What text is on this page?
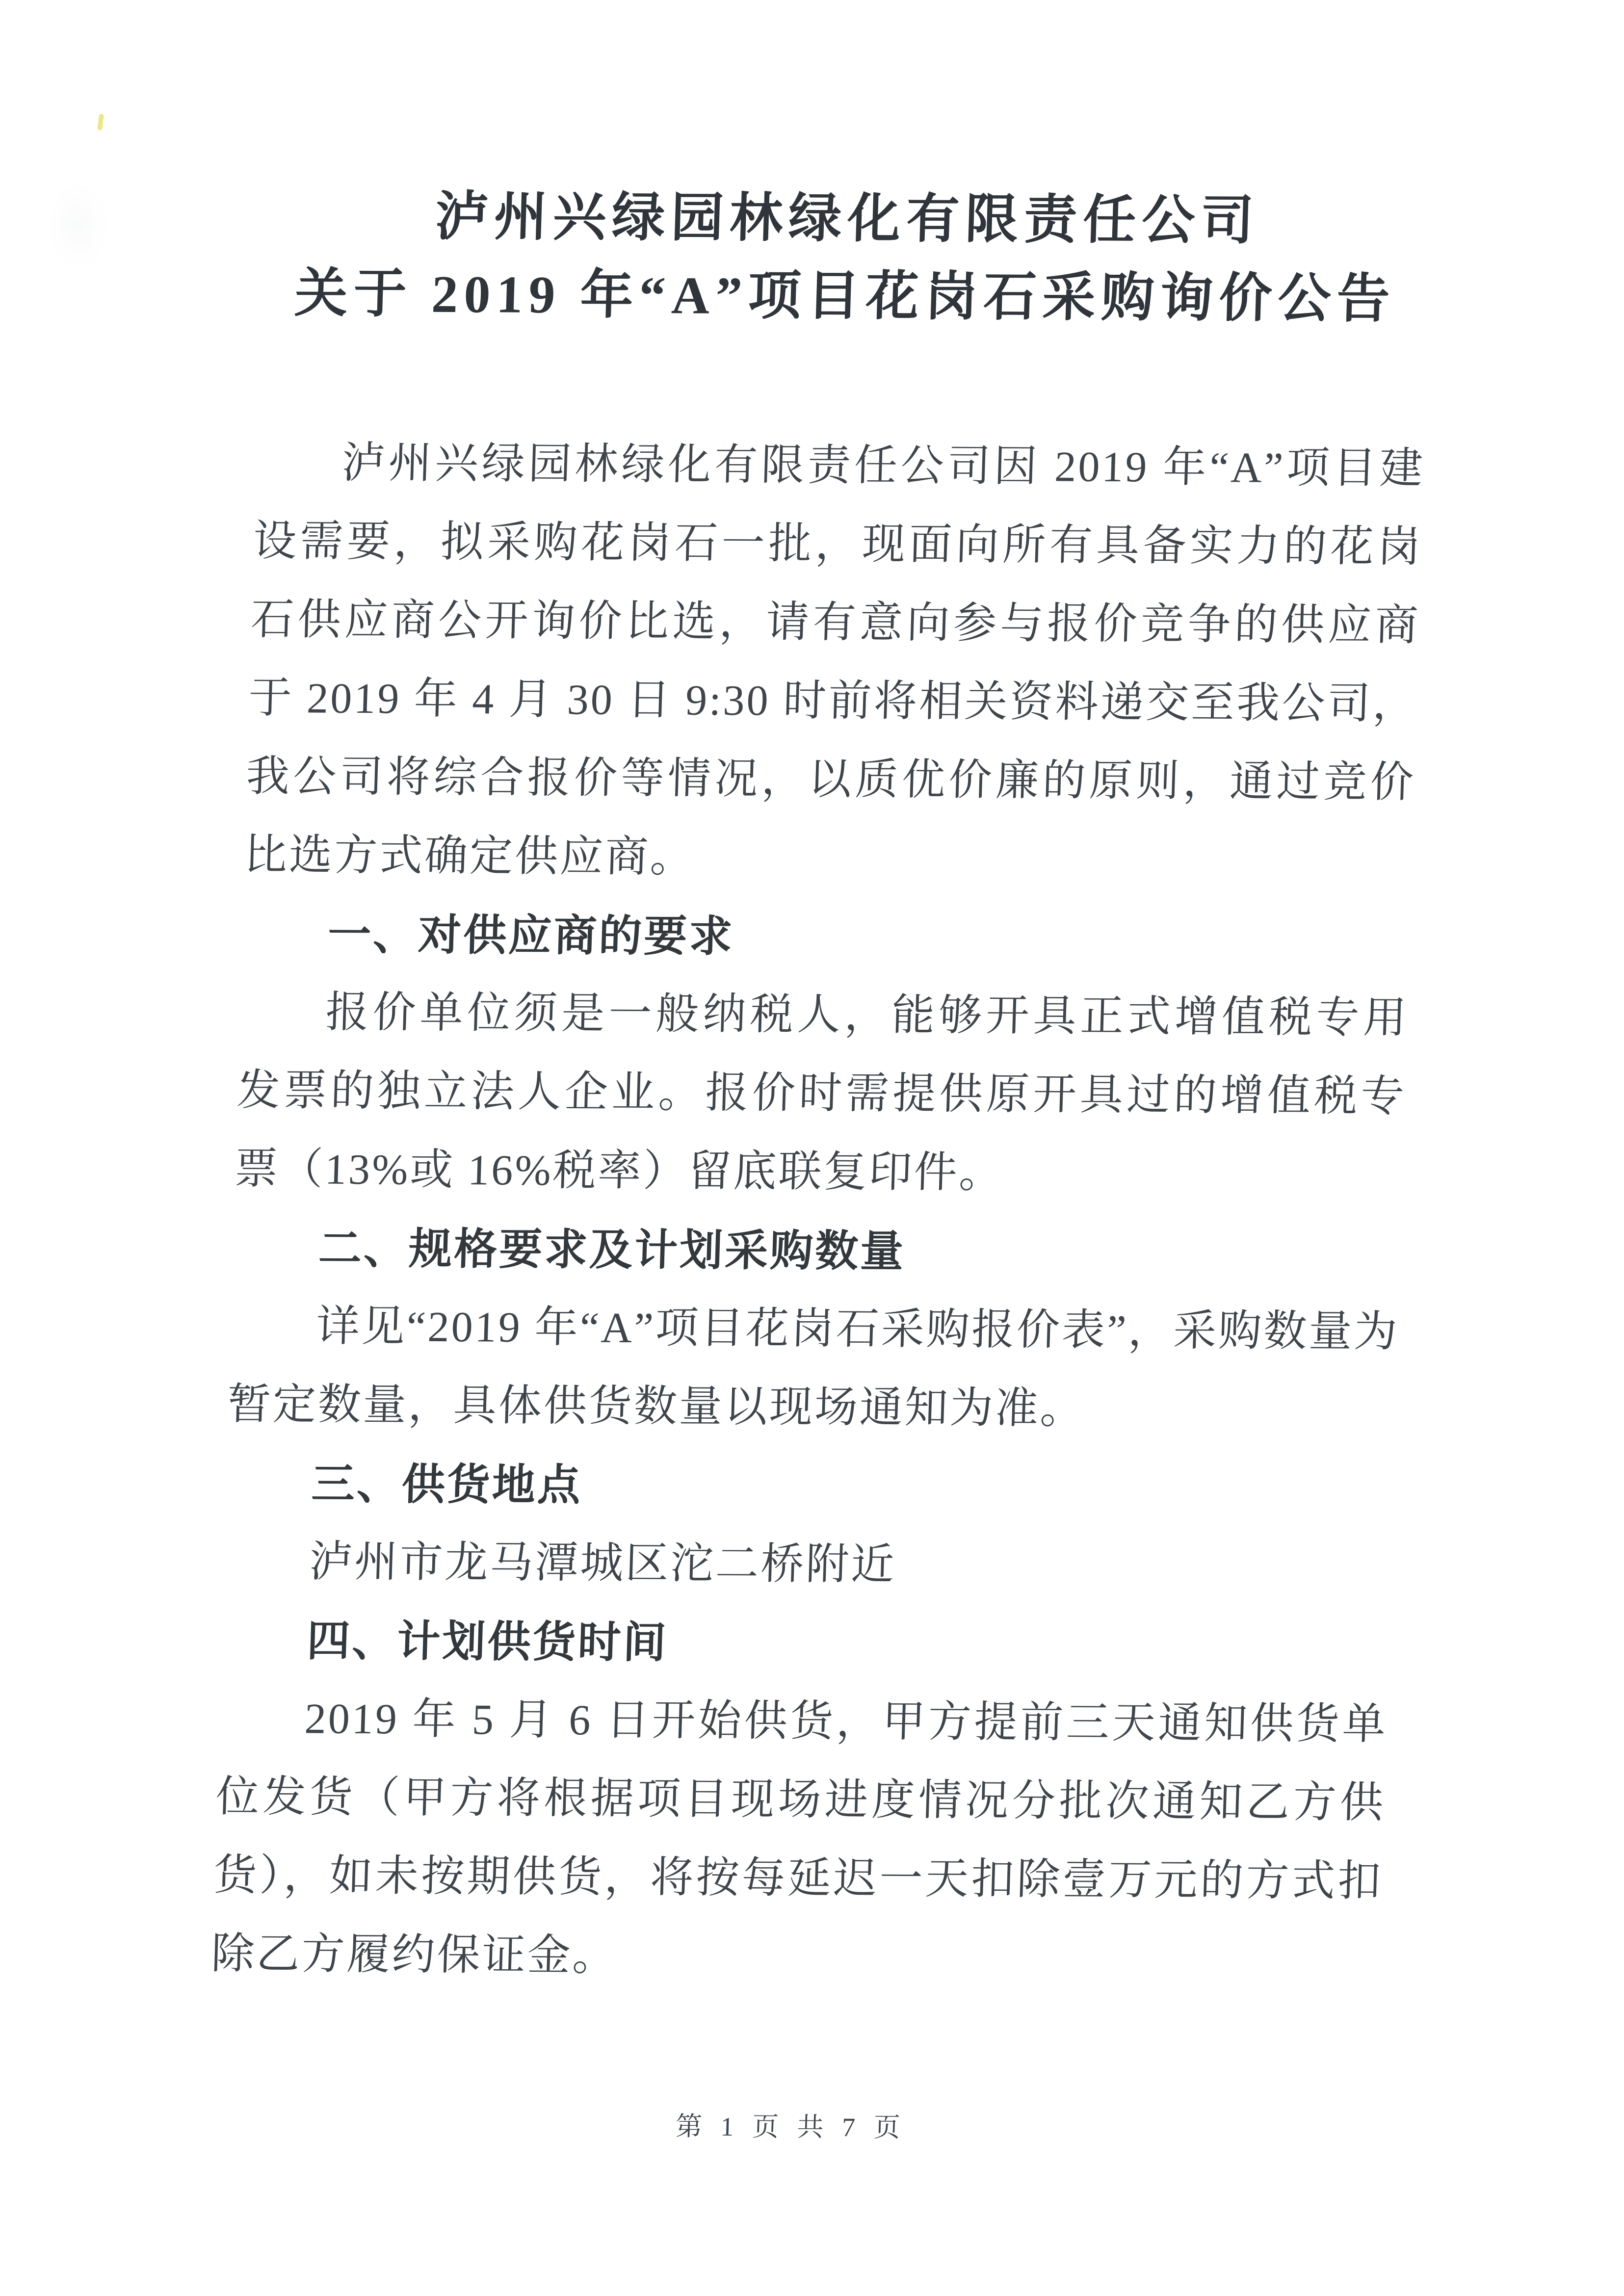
泸州兴绿园林绿化有限责任公司
关于 2019 年“A”项目花岗石采购询价公告

泸州兴绿园林绿化有限责任公司因 2019 年“A”项目建设需要，拟采购花岗石一批，现面向所有具备实力的花岗石供应商公开询价比选，请有意向参与报价竞争的供应商于 2019 年 4 月 30 日 9:30 时前将相关资料递交至我公司，我公司将综合报价等情况，以质优价廉的原则，通过竞价比选方式确定供应商。

一、对供应商的要求

报价单位须是一般纳税人，能够开具正式增值税专用发票的独立法人企业。报价时需提供原开具过的增值税专票（13%或 16%税率）留底联复印件。

二、规格要求及计划采购数量

详见“2019 年“A”项目花岗石采购报价表”，采购数量为暂定数量，具体供货数量以现场通知为准。

三、供货地点

泸州市龙马潭城区沱二桥附近

四、计划供货时间

2019 年 5 月 6 日开始供货，甲方提前三天通知供货单位发货（甲方将根据项目现场进度情况分批次通知乙方供货），如未按期供货，将按每延迟一天扣除壹万元的方式扣除乙方履约保证金。

第 1 页 共 7 页
